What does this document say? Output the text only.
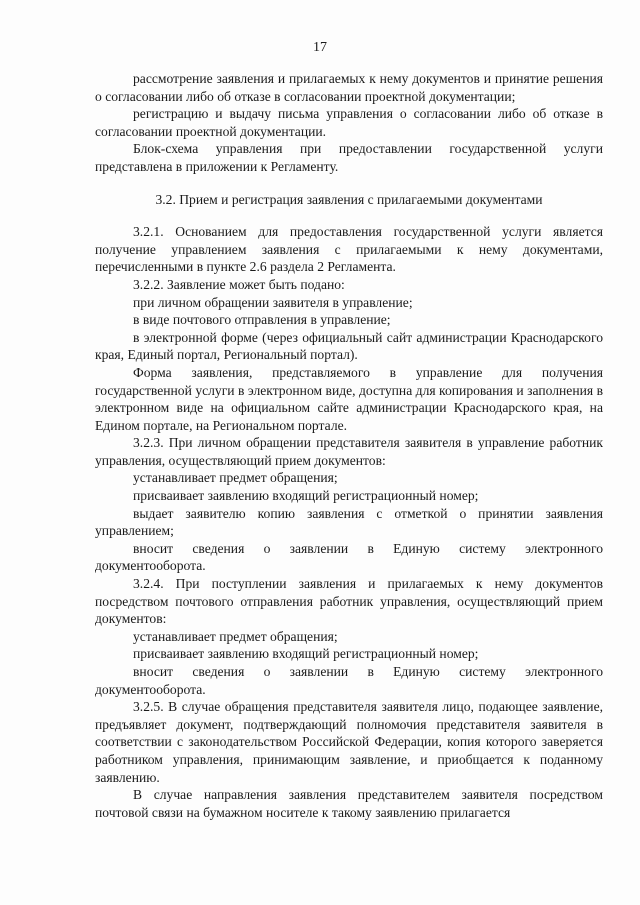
17

рассмотрение заявления и прилагаемых к нему документов и принятие решения о согласовании либо об отказе в согласовании проектной документации;

регистрацию и выдачу письма управления о согласовании либо об отказе в согласовании проектной документации.

Блок-схема управления при предоставлении государственной услуги представлена в приложении к Регламенту.

3.2. Прием и регистрация заявления с прилагаемыми документами

3.2.1. Основанием для предоставления государственной услуги является получение управлением заявления с прилагаемыми к нему документами, перечисленными в пункте 2.6 раздела 2 Регламента.

3.2.2. Заявление может быть подано:

при личном обращении заявителя в управление;

в виде почтового отправления в управление;

в электронной форме (через официальный сайт администрации Краснодарского края, Единый портал, Региональный портал).

Форма заявления, представляемого в управление для получения государственной услуги в электронном виде, доступна для копирования и заполнения в электронном виде на официальном сайте администрации Краснодарского края, на Едином портале, на Региональном портале.

3.2.3. При личном обращении представителя заявителя в управление работник управления, осуществляющий прием документов:

устанавливает предмет обращения;

присваивает заявлению входящий регистрационный номер;

выдает заявителю копию заявления с отметкой о принятии заявления управлением;

вносит сведения о заявлении в Единую систему электронного документооборота.

3.2.4. При поступлении заявления и прилагаемых к нему документов посредством почтового отправления работник управления, осуществляющий прием документов:

устанавливает предмет обращения;

присваивает заявлению входящий регистрационный номер;

вносит сведения о заявлении в Единую систему электронного документооборота.

3.2.5. В случае обращения представителя заявителя лицо, подающее заявление, предъявляет документ, подтверждающий полномочия представителя заявителя в соответствии с законодательством Российской Федерации, копия которого заверяется работником управления, принимающим заявление, и приобщается к поданному заявлению.

В случае направления заявления представителем заявителя посредством почтовой связи на бумажном носителе к такому заявлению прилагается
